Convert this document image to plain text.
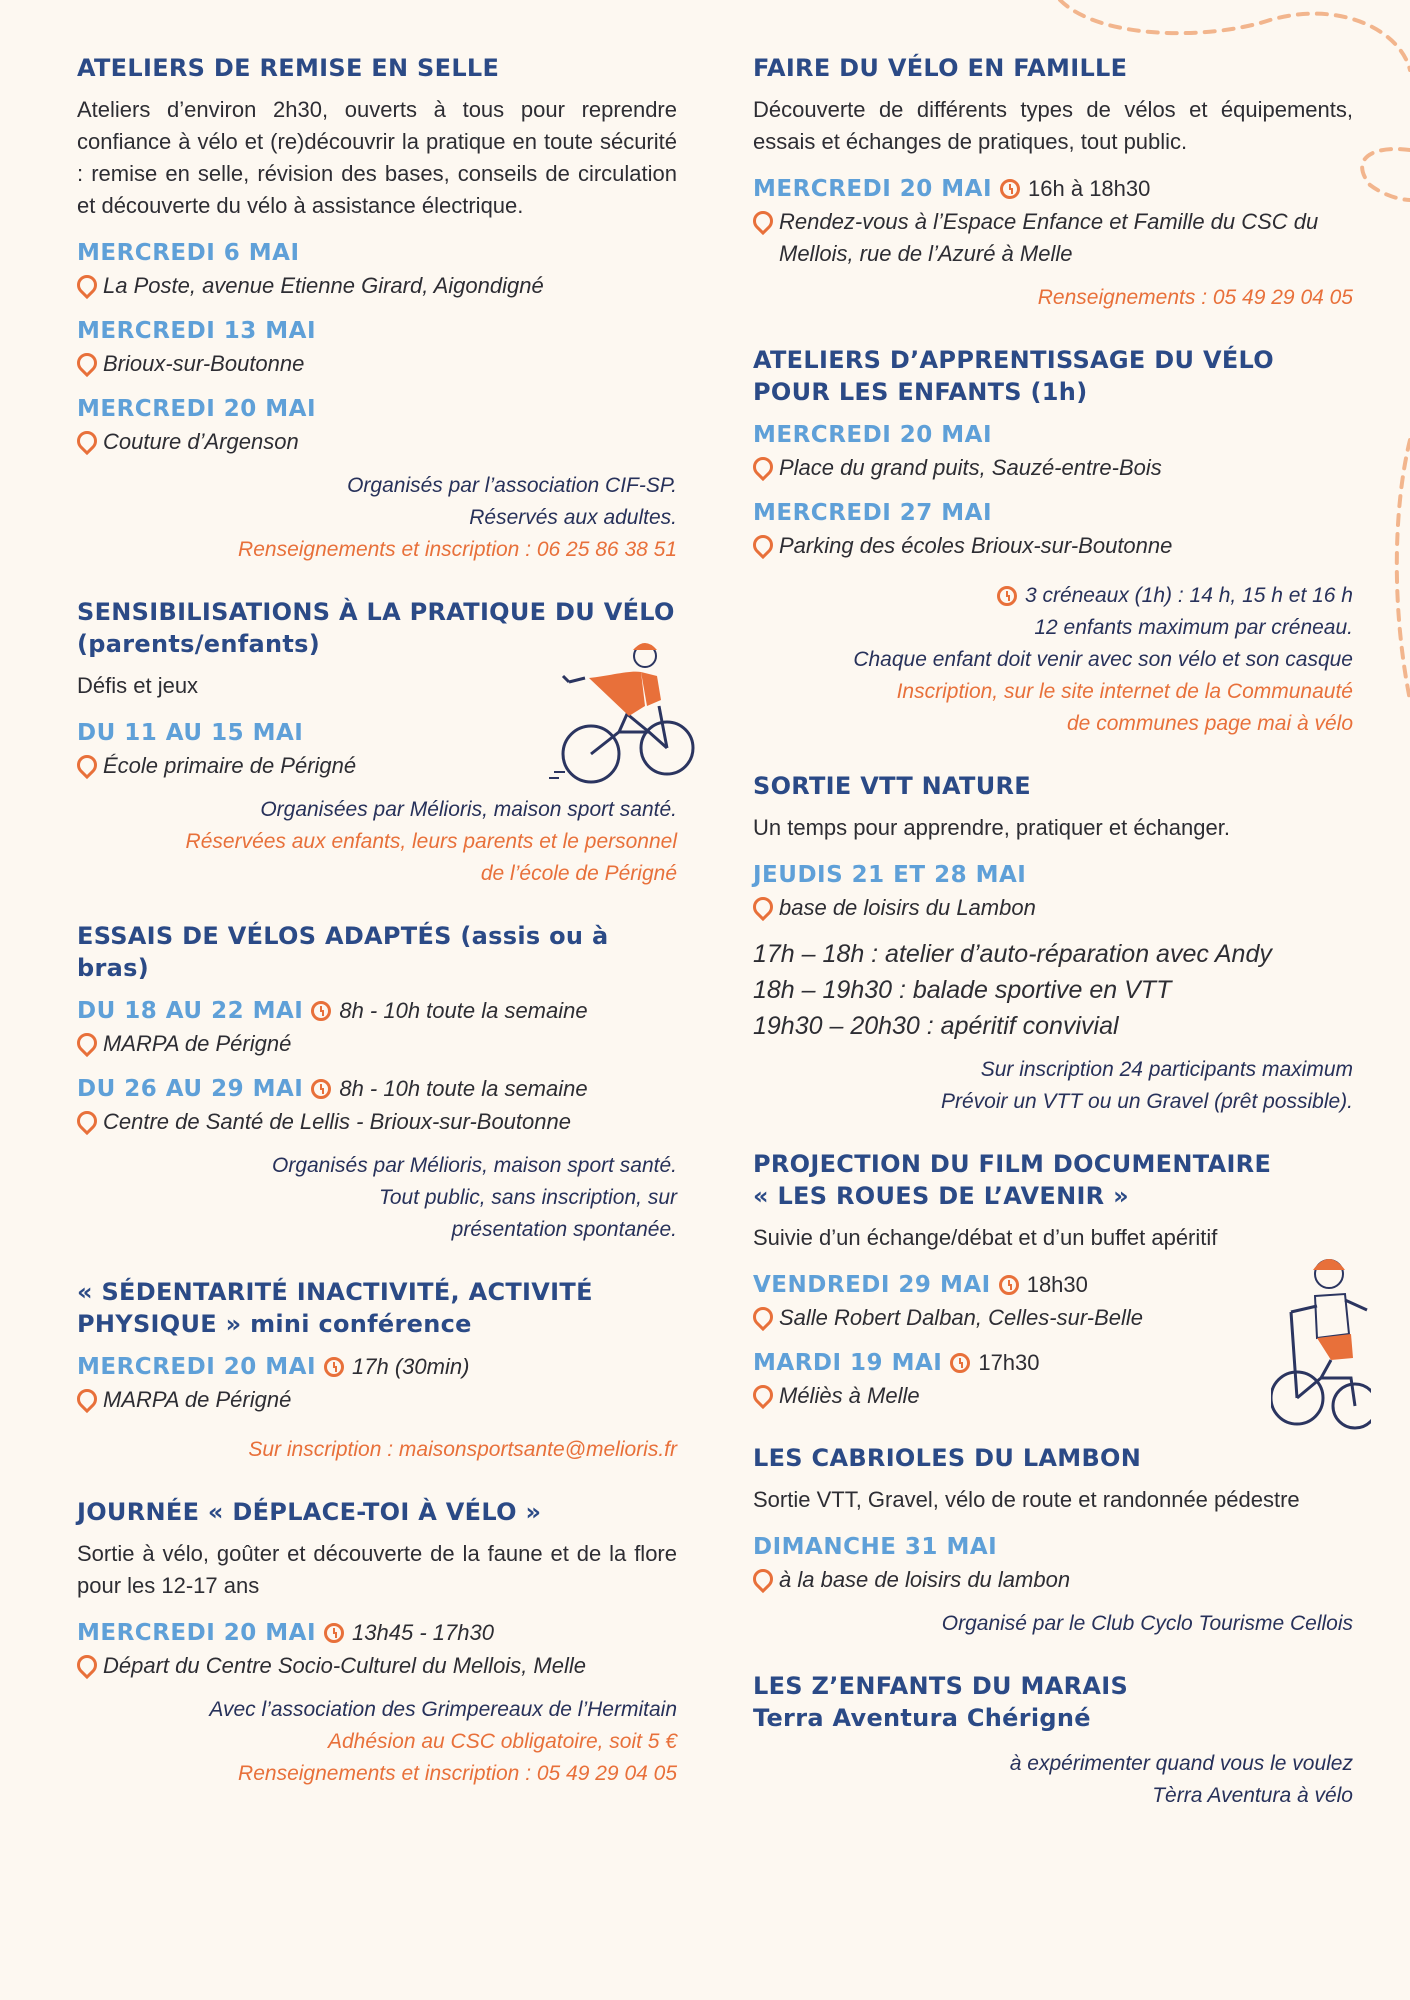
ATELIERS DE REMISE EN SELLE

Ateliers d’environ 2h30, ouverts à tous pour reprendre confiance à vélo et (re)découvrir la pratique en toute sécurité : remise en selle, révision des bases, conseils de circulation et découverte du vélo à assistance électrique.

MERCREDI 6 MAI
La Poste, avenue Etienne Girard, Aigondigné
MERCREDI 13 MAI
Brioux-sur-Boutonne
MERCREDI 20 MAI
Couture d’Argenson
Organisés par l’association CIF-SP.
Réservés aux adultes.
Renseignements et inscription : 06 25 86 38 51
SENSIBILISATIONS À LA PRATIQUE DU VÉLO
(parents/enfants)

Défis et jeux

DU 11 AU 15 MAI
École primaire de Périgné
Organisées par Mélioris, maison sport santé.
Réservées aux enfants, leurs parents et le personnel
de l’école de Périgné
ESSAIS DE VÉLOS ADAPTÉS (assis ou à bras)
DU 18 AU 22 MAI 8h - 10h toute la semaine
MARPA de Périgné
DU 26 AU 29 MAI 8h - 10h toute la semaine
Centre de Santé de Lellis - Brioux-sur-Boutonne
Organisés par Mélioris, maison sport santé.
Tout public, sans inscription, sur
présentation spontanée.
« SÉDENTARITÉ INACTIVITÉ, ACTIVITÉ
PHYSIQUE » mini conférence
MERCREDI 20 MAI 17h (30min)
MARPA de Périgné
Sur inscription : maisonsportsante@melioris.fr
JOURNÉE « DÉPLACE-TOI À VÉLO »

Sortie à vélo, goûter et découverte de la faune et de la flore pour les 12-17 ans

MERCREDI 20 MAI 13h45 - 17h30
Départ du Centre Socio-Culturel du Mellois, Melle
Avec l’association des Grimpereaux de l’Hermitain
Adhésion au CSC obligatoire, soit 5 €
Renseignements et inscription : 05 49 29 04 05
FAIRE DU VÉLO EN FAMILLE

Découverte de différents types de vélos et équipements, essais et échanges de pratiques, tout public.

MERCREDI 20 MAI 16h à 18h30
Rendez-vous à l’Espace Enfance et Famille du CSC du Mellois, rue de l’Azuré à Melle
Renseignements : 05 49 29 04 05
ATELIERS D’APPRENTISSAGE DU VÉLO
POUR LES ENFANTS (1h)
MERCREDI 20 MAI
Place du grand puits, Sauzé-entre-Bois
MERCREDI 27 MAI
Parking des écoles Brioux-sur-Boutonne
3 créneaux (1h) : 14 h, 15 h et 16 h
12 enfants maximum par créneau.
Chaque enfant doit venir avec son vélo et son casque
Inscription, sur le site internet de la Communauté
de communes page mai à vélo
SORTIE VTT NATURE

Un temps pour apprendre, pratiquer et échanger.

JEUDIS 21 ET 28 MAI
base de loisirs du Lambon
17h – 18h : atelier d’auto-réparation avec Andy
18h – 19h30 : balade sportive en VTT
19h30 – 20h30 : apéritif convivial
Sur inscription 24 participants maximum
Prévoir un VTT ou un Gravel (prêt possible).
PROJECTION DU FILM DOCUMENTAIRE
« LES ROUES DE L’AVENIR »

Suivie d’un échange/débat et d’un buffet apéritif

VENDREDI 29 MAI 18h30
Salle Robert Dalban, Celles-sur-Belle
MARDI 19 MAI 17h30
Méliès à Melle
LES CABRIOLES DU LAMBON

Sortie VTT, Gravel, vélo de route et randonnée pédestre

DIMANCHE 31 MAI
à la base de loisirs du lambon
Organisé par le Club Cyclo Tourisme Cellois
LES Z’ENFANTS DU MARAIS
Terra Aventura Chérigné
à expérimenter quand vous le voulez
Tèrra Aventura à vélo
